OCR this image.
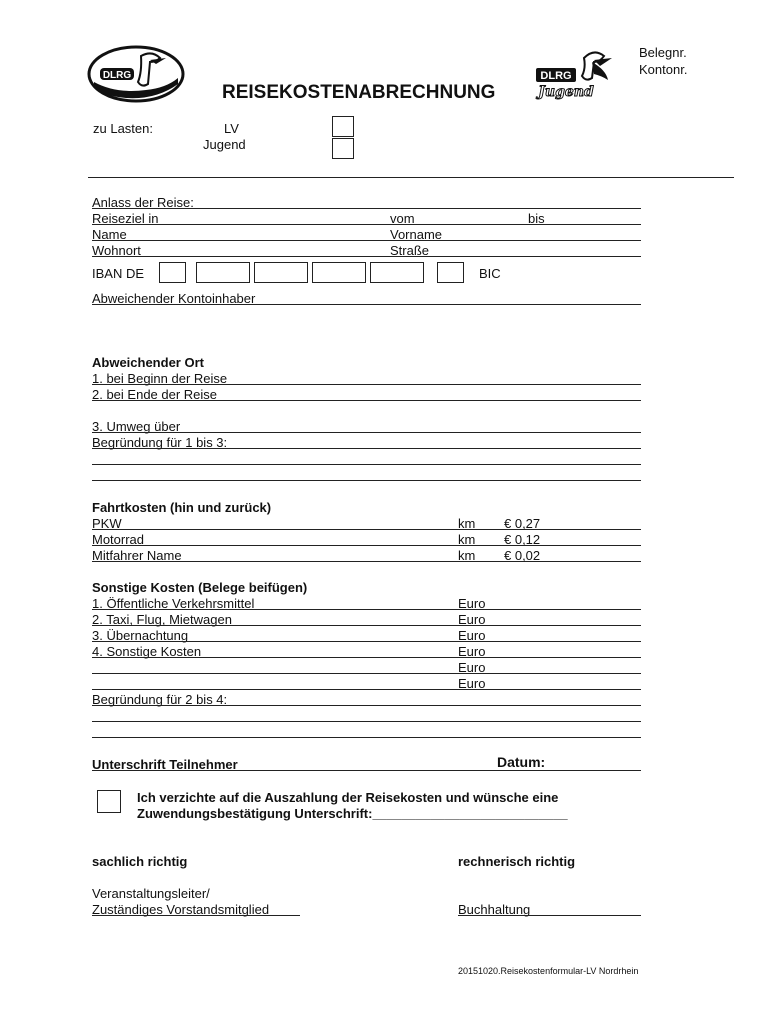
DLRG
REISEKOSTENABRECHNUNG
DLRG
Jugend
Belegnr.
Kontonr.
zu Lasten:	LV
Jugend
Anlass der Reise:
Reiseziel in	vom	bis
Name	Vorname
Wohnort	Straße
IBAN DE	BIC
Abweichender Kontoinhaber
Abweichender Ort
1. bei Beginn der Reise
2. bei Ende der Reise
3. Umweg über
Begründung für 1 bis 3:
Fahrtkosten (hin und zurück)
PKW	km € 0,27
Motorrad	km € 0,12
Mitfahrer Name	km € 0,02
Sonstige Kosten (Belege beifügen)
1. Öffentliche Verkehrsmittel	Euro
2. Taxi, Flug, Mietwagen	Euro
3. Übernachtung	Euro
4. Sonstige Kosten	Euro
Euro
Euro
Begründung für 2 bis 4:
Unterschrift Teilnehmer	Datum:
Ich verzichte auf die Auszahlung der Reisekosten und wünsche eine
Zuwendungsbestätigung Unterschrift:___________________________
sachlich richtig	rechnerisch richtig
Veranstaltungsleiter/
Zuständiges Vorstandsmitglied	Buchhaltung
20151020.Reisekostenformular-LV Nordrhein
